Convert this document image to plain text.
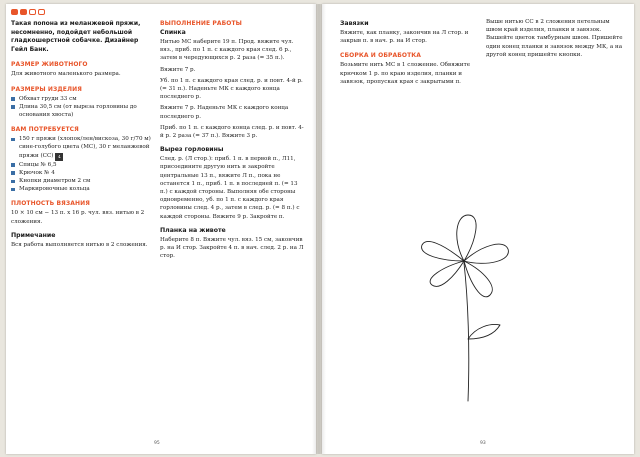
Такая попона из меланжевой пряжи, несомненно, подойдет небольшой гладкошерстной собачке. Дизайнер Гейл Банк.

РАЗМЕР ЖИВОТНОГО

Для животного маленького размера.

РАЗМЕРЫ ИЗДЕЛИЯ
Обхват груди 33 см
Длина 30,5 см (от выреза горловины до основания хвоста)
ВАМ ПОТРЕБУЕТСЯ
150 г пряжи (хлопок/лен/вискоза, 30 г/70 м) синe-голубого цвета (МС), 30 г меланжевой пряжи (СС) 4
Спицы № 6,5
Крючок № 4
Кнопки диаметром 2 см
Маркировочные кольца
ПЛОТНОСТЬ ВЯЗАНИЯ

10 × 10 см − 13 п. х 16 р. чул. вяз. нитью в 2 сложения.

Примечание

Вся работа выполняется нитью в 2 сложения.

ВЫПОЛНЕНИЕ РАБОТЫ
Спинка

Нитью МС наберите 19 п. Прод. вяжите чул. вяз., приб. по 1 п. с каждого края след. 6 р., затем в чередующихся р. 2 раза (= 35 п.).

Вяжите 7 р.

Уб. по 1 п. с каждого края след. р. и повт. 4-й р. (= 31 п.). Наденьте МК с каждого конца последнего р.

Вяжите 7 р. Наденьте МК с каждого конца последнего р.

Приб. по 1 п. с каждого конца след. р. и повт. 4-й р. 2 раза (= 37 п.). Вяжите 3 р.

Вырез горловины

След. р. (Л стор.): приб. 1 п. в первой п., Л11, присоедините другую нить и закройте центральные 13 п., вяжите Л п., пока не останется 1 п., приб. 1 п. в последней п. (= 13 п.) с каждой стороны. Выполняя обе стороны одновременно, уб. по 1 п. с каждого края горловины след. 4 р., затем в след. р. (= 8 п.) с каждой стороны. Вяжите 9 р. Закройте п.

Планка на животе

Наберите 8 п. Вяжите чул. вяз. 15 см, закончив р. на И стор. Закройте 4 п. в нач. след. 2 р. на Л стор.

95
Завязки

Вяжите, как планку, закончив на Л стор. и закрыв п. в нач. р. на И стор.

СБОРКА И ОБРАБОТКА

Возьмите нить МС в 1 сложение. Обвяжите крючком 1 р. по краю изделия, планки и завязок, пропуская края с закрытыми п.

Выше нитью СС в 2 сложения петельным швом край изделия, планки и завязок. Вышейте цветок тамбурным швом. Пришейте один конец планки и завязок между МК, а на другой конец пришейте кнопки.

93
